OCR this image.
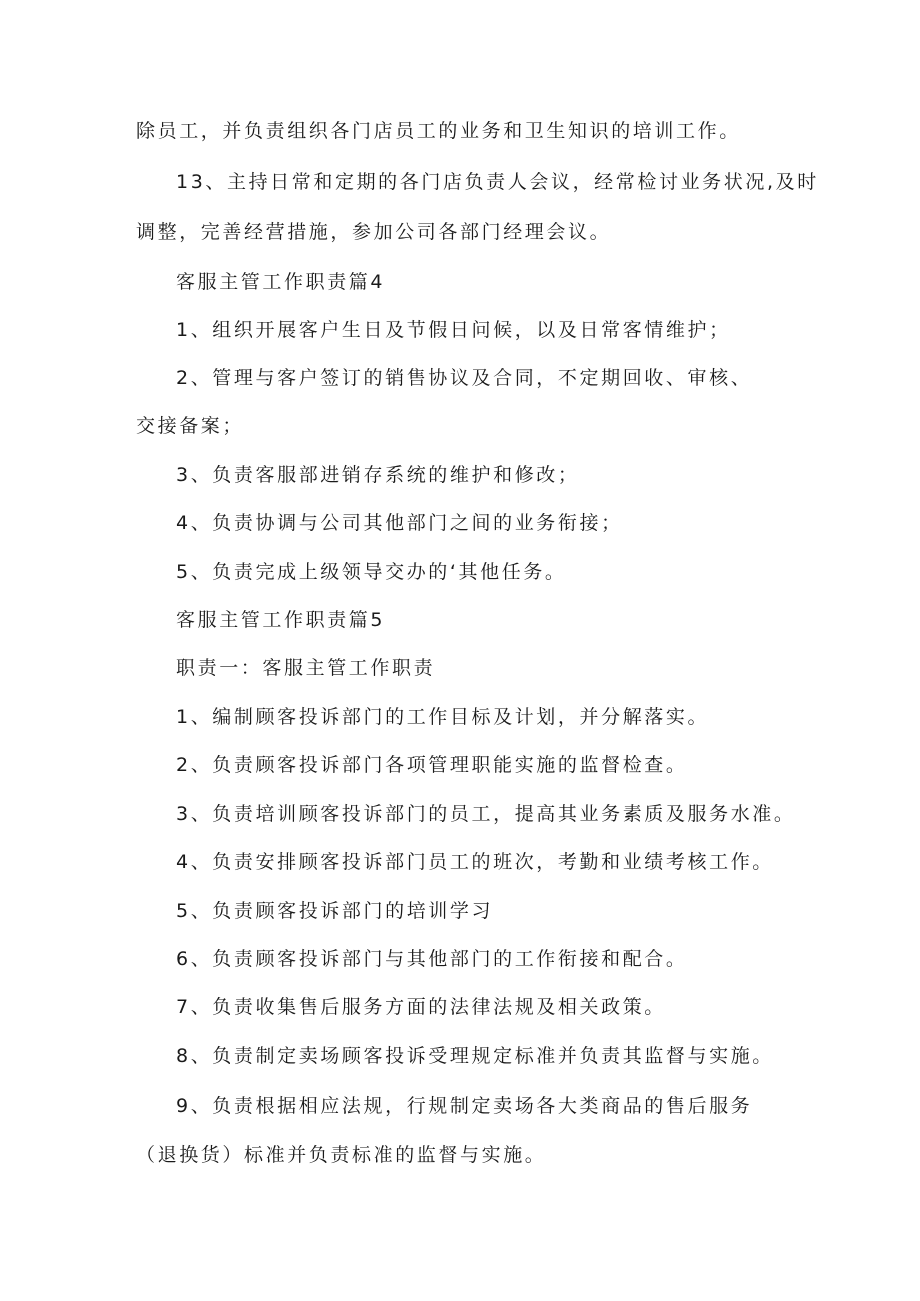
除员工，并负责组织各门店员工的业务和卫生知识的培训工作。
13、主持日常和定期的各门店负责人会议，经常检讨业务状况,及时
调整，完善经营措施，参加公司各部门经理会议。
客服主管工作职责篇4
1、组织开展客户生日及节假日问候，以及日常客情维护；
2、管理与客户签订的销售协议及合同，不定期回收、审核、
交接备案；
3、负责客服部进销存系统的维护和修改；
4、负责协调与公司其他部门之间的业务衔接；
5、负责完成上级领导交办的‘其他任务。
客服主管工作职责篇5
职责一：客服主管工作职责
1、编制顾客投诉部门的工作目标及计划，并分解落实。
2、负责顾客投诉部门各项管理职能实施的监督检查。
3、负责培训顾客投诉部门的员工，提高其业务素质及服务水准。
4、负责安排顾客投诉部门员工的班次，考勤和业绩考核工作。
5、负责顾客投诉部门的培训学习
6、负责顾客投诉部门与其他部门的工作衔接和配合。
7、负责收集售后服务方面的法律法规及相关政策。
8、负责制定卖场顾客投诉受理规定标准并负责其监督与实施。
9、负责根据相应法规，行规制定卖场各大类商品的售后服务
（退换货）标准并负责标准的监督与实施。
